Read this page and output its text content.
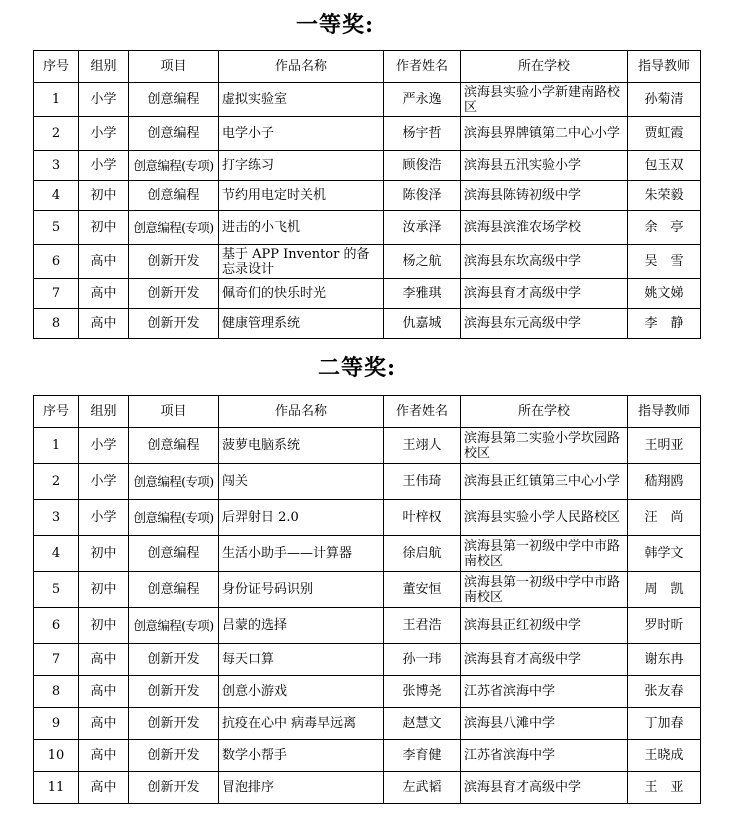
一等奖:
序号	组别	项目	作品名称	作者姓名	所在学校	指导教师
1	小学	创意编程	虚拟实验室	严永逸	滨海县实验小学新建南路校区	孙菊清
2	小学	创意编程	电学小子	杨宇哲	滨海县界牌镇第二中心小学	贾虹霞
3	小学	创意编程(专项)	打字练习	顾俊浩	滨海县五汛实验小学	包玉双
4	初中	创意编程	节约用电定时关机	陈俊泽	滨海县陈铸初级中学	朱荣毅
5	初中	创意编程(专项)	进击的小飞机	汝承泽	滨海县滨淮农场学校	余　亭
6	高中	创新开发	基于 APP Inventor 的备忘录设计	杨之航	滨海县东坎高级中学	吴　雪
7	高中	创新开发	佩奇们的快乐时光	李雅琪	滨海县育才高级中学	姚文娣
8	高中	创新开发	健康管理系统	仇嘉城	滨海县东元高级中学	李　静
二等奖:
序号	组别	项目	作品名称	作者姓名	所在学校	指导教师
1	小学	创意编程	菠萝电脑系统	王翊人	滨海县第二实验小学坎园路校区	王明亚
2	小学	创意编程(专项)	闯关	王伟琦	滨海县正红镇第三中心小学	嵇翔鸥
3	小学	创意编程(专项)	后羿射日 2.0	叶梓权	滨海县实验小学人民路校区	汪　尚
4	初中	创意编程	生活小助手——计算器	徐启航	滨海县第一初级中学中市路南校区	韩学文
5	初中	创意编程	身份证号码识别	董安恒	滨海县第一初级中学中市路南校区	周　凯
6	初中	创意编程(专项)	吕蒙的选择	王君浩	滨海县正红初级中学	罗时昕
7	高中	创新开发	每天口算	孙一玮	滨海县育才高级中学	谢东冉
8	高中	创新开发	创意小游戏	张博尧	江苏省滨海中学	张友春
9	高中	创新开发	抗疫在心中 病毒早远离	赵慧文	滨海县八滩中学	丁加春
10	高中	创新开发	数学小帮手	李育健	江苏省滨海中学	王晓成
11	高中	创新开发	冒泡排序	左武韬	滨海县育才高级中学	王　亚
